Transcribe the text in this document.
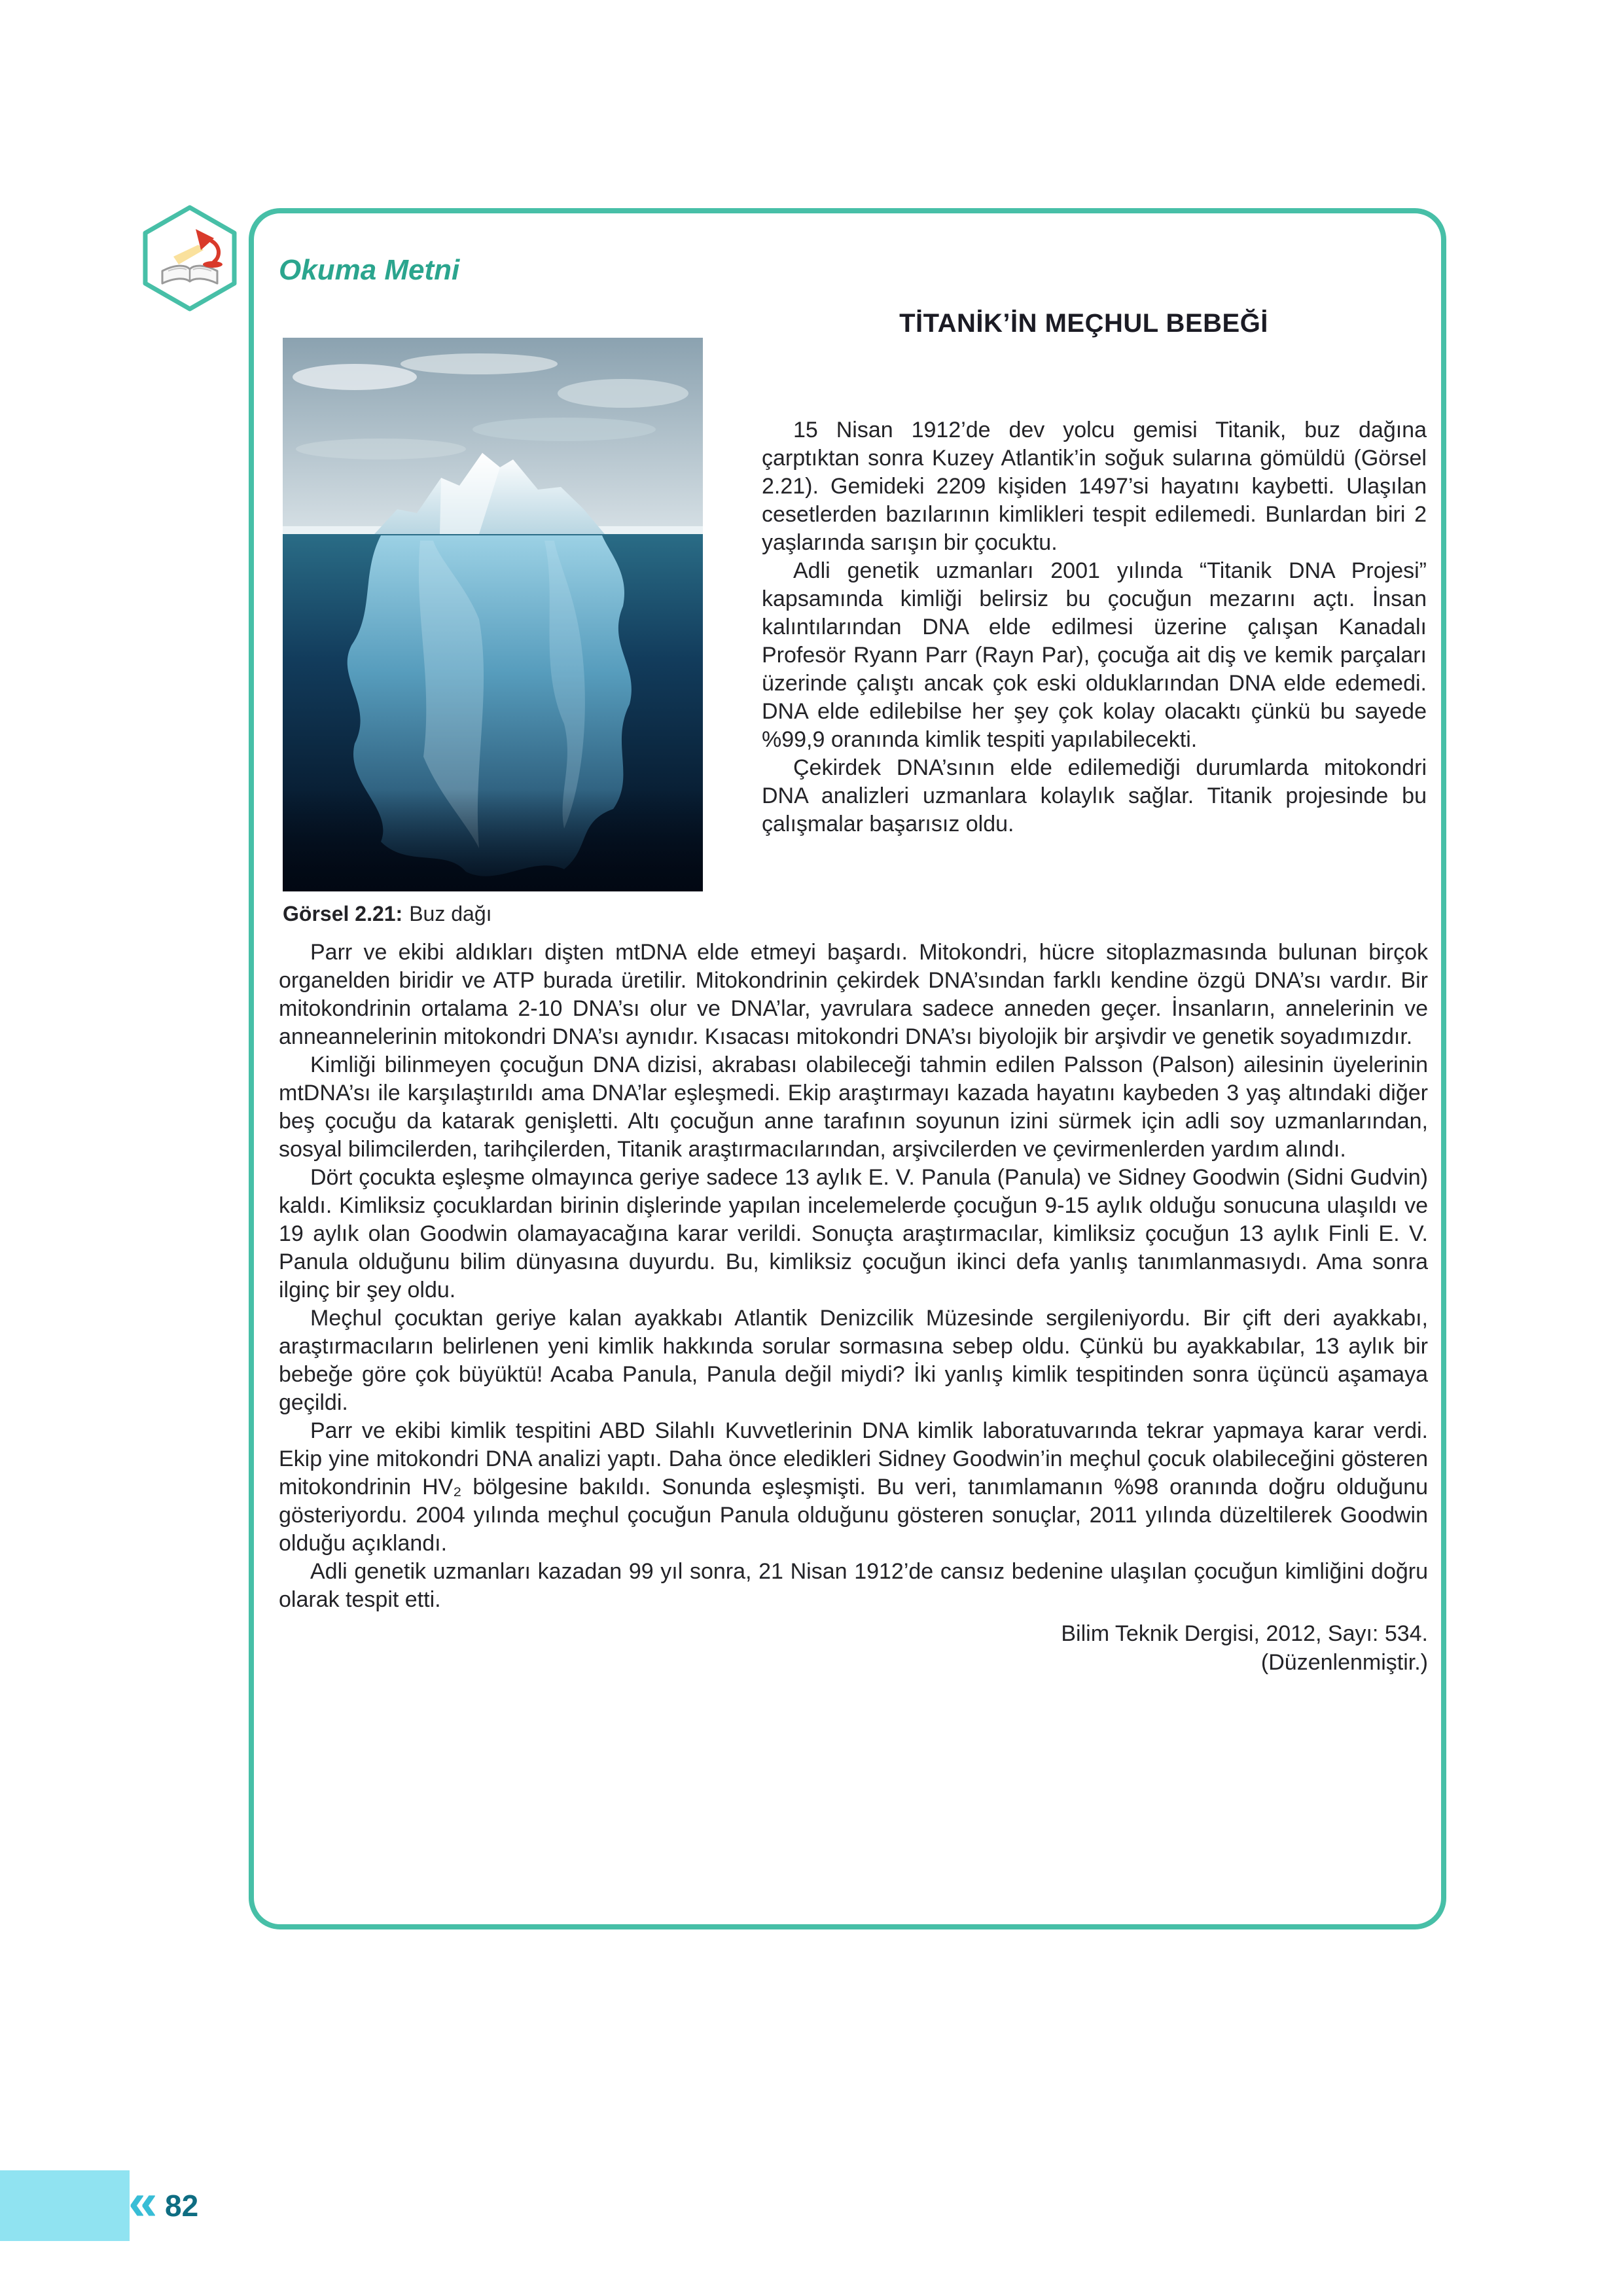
Okuma Metni
TİTANİK’İN MEÇHUL BEBEĞİ
Görsel 2.21: Buz dağı

15 Nisan 1912’de dev yolcu gemisi Titanik, buz dağına çarptıktan sonra Kuzey Atlantik’in soğuk sularına gömüldü (Görsel 2.21). Gemideki 2209 kişiden 1497’si hayatını kaybetti. Ulaşılan cesetlerden bazılarının kimlikleri tespit edilemedi. Bunlardan biri 2 yaşlarında sarışın bir çocuktu.

Adli genetik uzmanları 2001 yılında “Titanik DNA Projesi” kapsamında kimliği belirsiz bu çocuğun mezarını açtı. İnsan kalıntılarından DNA elde edilmesi üzerine çalışan Kanadalı Profesör Ryann Parr (Rayn Par), çocuğa ait diş ve kemik parçaları üzerinde çalıştı ancak çok eski olduklarından DNA elde edemedi. DNA elde edilebilse her şey çok kolay olacaktı çünkü bu sayede %99,9 oranında kimlik tespiti yapılabilecekti.

Çekirdek DNA’sının elde edilemediği durumlarda mitokondri DNA analizleri uzmanlara kolaylık sağlar. Titanik projesinde bu çalışmalar başarısız oldu.

Parr ve ekibi aldıkları dişten mtDNA elde etmeyi başardı. Mitokondri, hücre sitoplazmasında bulunan birçok organelden biridir ve ATP burada üretilir. Mitokondrinin çekirdek DNA’sından farklı kendine özgü DNA’sı vardır. Bir mitokondrinin ortalama 2-10 DNA’sı olur ve DNA’lar, yavrulara sadece anneden geçer. İnsanların, annelerinin ve anneannelerinin mitokondri DNA’sı aynıdır. Kısacası mitokondri DNA’sı biyolojik bir arşivdir ve genetik soyadımızdır.

Kimliği bilinmeyen çocuğun DNA dizisi, akrabası olabileceği tahmin edilen Palsson (Palson) ailesinin üyelerinin mtDNA’sı ile karşılaştırıldı ama DNA’lar eşleşmedi. Ekip araştırmayı kazada hayatını kaybeden 3 yaş altındaki diğer beş çocuğu da katarak genişletti. Altı çocuğun anne tarafının soyunun izini sürmek için adli soy uzmanlarından, sosyal bilimcilerden, tarihçilerden, Titanik araştırmacılarından, arşivcilerden ve çevirmenlerden yardım alındı.

Dört çocukta eşleşme olmayınca geriye sadece 13 aylık E. V. Panula (Panula) ve Sidney Goodwin (Sidni Gudvin) kaldı. Kimliksiz çocuklardan birinin dişlerinde yapılan incelemelerde çocuğun 9-15 aylık olduğu sonucuna ulaşıldı ve 19 aylık olan Goodwin olamayacağına karar verildi. Sonuçta araştırmacılar, kimliksiz çocuğun 13 aylık Finli E. V. Panula olduğunu bilim dünyasına duyurdu. Bu, kimliksiz çocuğun ikinci defa yanlış tanımlanmasıydı. Ama sonra ilginç bir şey oldu.

Meçhul çocuktan geriye kalan ayakkabı Atlantik Denizcilik Müzesinde sergileniyordu. Bir çift deri ayakkabı, araştırmacıların belirlenen yeni kimlik hakkında sorular sormasına sebep oldu. Çünkü bu ayakkabılar, 13 aylık bir bebeğe göre çok büyüktü! Acaba Panula, Panula değil miydi? İki yanlış kimlik tespitinden sonra üçüncü aşamaya geçildi.

Parr ve ekibi kimlik tespitini ABD Silahlı Kuvvetlerinin DNA kimlik laboratuvarında tekrar yapmaya karar verdi. Ekip yine mitokondri DNA analizi yaptı. Daha önce eledikleri Sidney Goodwin’in meçhul çocuk olabileceğini gösteren mitokondrinin HV₂ bölgesine bakıldı. Sonunda eşleşmişti. Bu veri, tanımlamanın %98 oranında doğru olduğunu gösteriyordu. 2004 yılında meçhul çocuğun Panula olduğunu gösteren sonuçlar, 2011 yılında düzeltilerek Goodwin olduğu açıklandı.

Adli genetik uzmanları kazadan 99 yıl sonra, 21 Nisan 1912’de cansız bedenine ulaşılan çocuğun kimliğini doğru olarak tespit etti.

Bilim Teknik Dergisi, 2012, Sayı: 534.
(Düzenlenmiştir.)
« 82
